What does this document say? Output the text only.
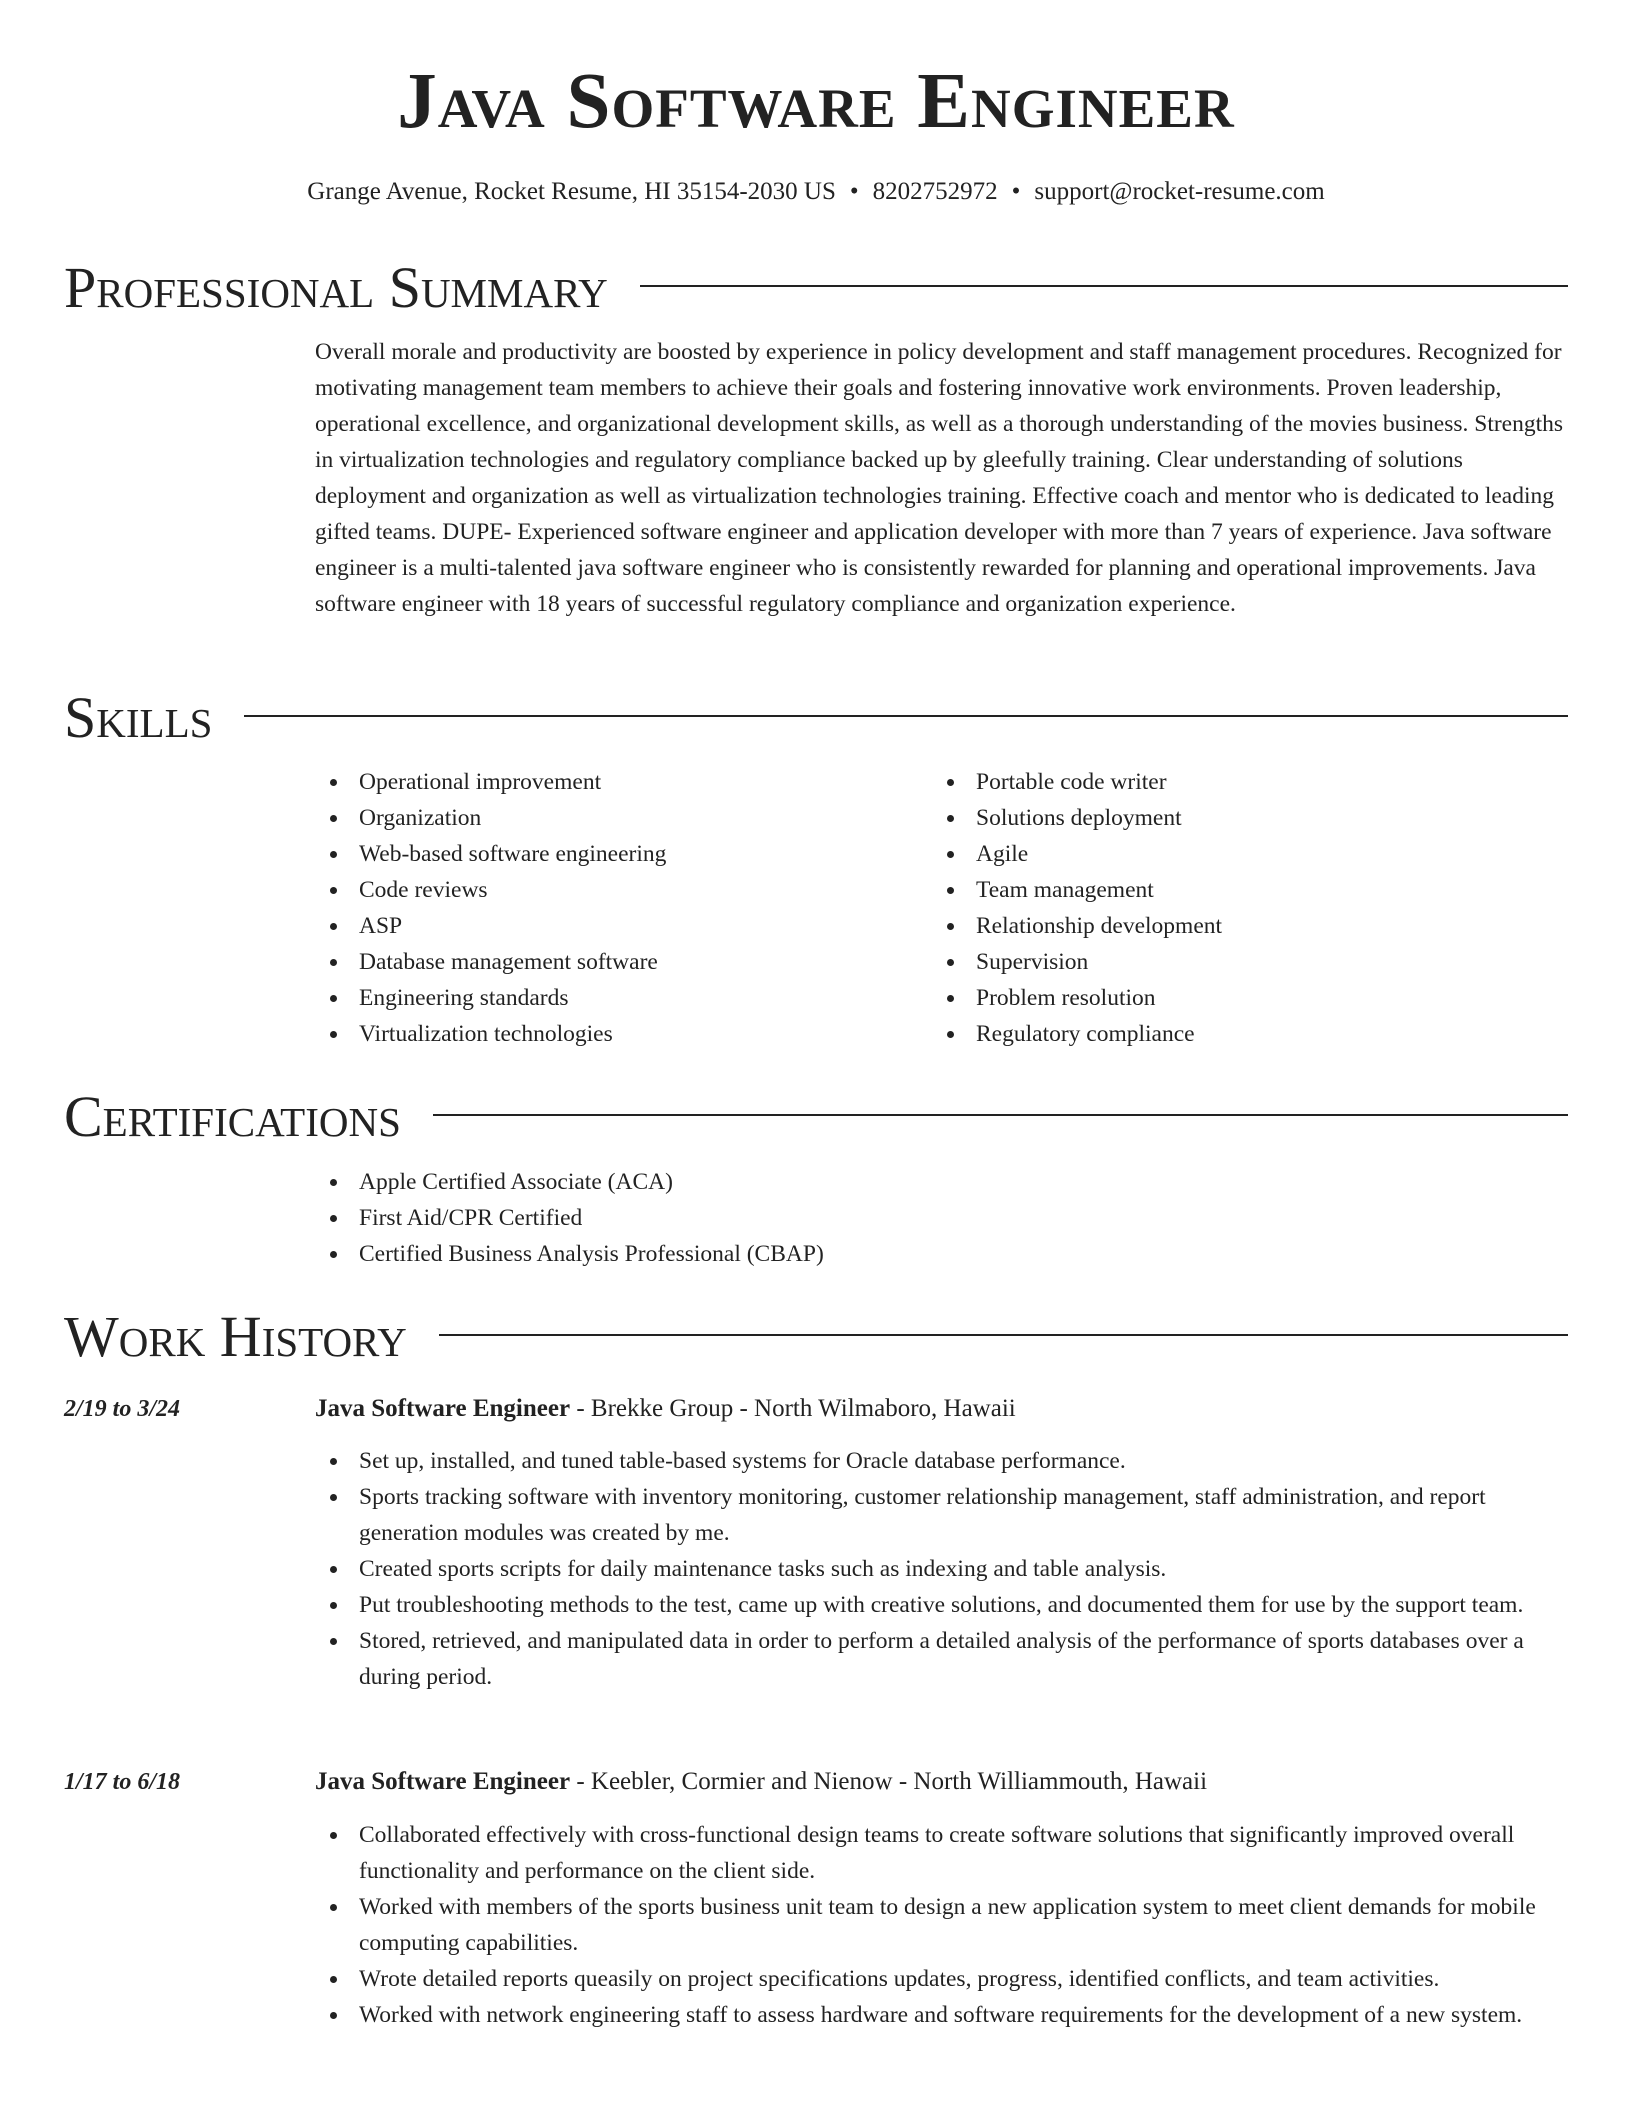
Java Software Engineer
Grange Avenue, Rocket Resume, HI 35154-2030 US • 8202752972 • support@rocket-resume.com
Professional Summary

Overall morale and productivity are boosted by experience in policy development and staff management procedures. Recognized for motivating management team members to achieve their goals and fostering innovative work environments. Proven leadership, operational excellence, and organizational development skills, as well as a thorough understanding of the movies business. Strengths in virtualization technologies and regulatory compliance backed up by gleefully training. Clear understanding of solutions deployment and organization as well as virtualization technologies training. Effective coach and mentor who is dedicated to leading gifted teams. DUPE- Experienced software engineer and application developer with more than 7 years of experience. Java software engineer is a multi-talented java software engineer who is consistently rewarded for planning and operational improvements. Java software engineer with 18 years of successful regulatory compliance and organization experience.

Skills
Operational improvement
Organization
Web-based software engineering
Code reviews
ASP
Database management software
Engineering standards
Virtualization technologies
Portable code writer
Solutions deployment
Agile
Team management
Relationship development
Supervision
Problem resolution
Regulatory compliance
Certifications
Apple Certified Associate (ACA)
First Aid/CPR Certified
Certified Business Analysis Professional (CBAP)
Work History
2/19 to 3/24	Java Software Engineer - Brekke Group - North Wilmaboro, Hawaii
Set up, installed, and tuned table-based systems for Oracle database performance.
Sports tracking software with inventory monitoring, customer relationship management, staff administration, and report generation modules was created by me.
Created sports scripts for daily maintenance tasks such as indexing and table analysis.
Put troubleshooting methods to the test, came up with creative solutions, and documented them for use by the support team.
Stored, retrieved, and manipulated data in order to perform a detailed analysis of the performance of sports databases over a during period.
1/17 to 6/18	Java Software Engineer - Keebler, Cormier and Nienow - North Williammouth, Hawaii
Collaborated effectively with cross-functional design teams to create software solutions that significantly improved overall functionality and performance on the client side.
Worked with members of the sports business unit team to design a new application system to meet client demands for mobile computing capabilities.
Wrote detailed reports queasily on project specifications updates, progress, identified conflicts, and team activities.
Worked with network engineering staff to assess hardware and software requirements for the development of a new system.
